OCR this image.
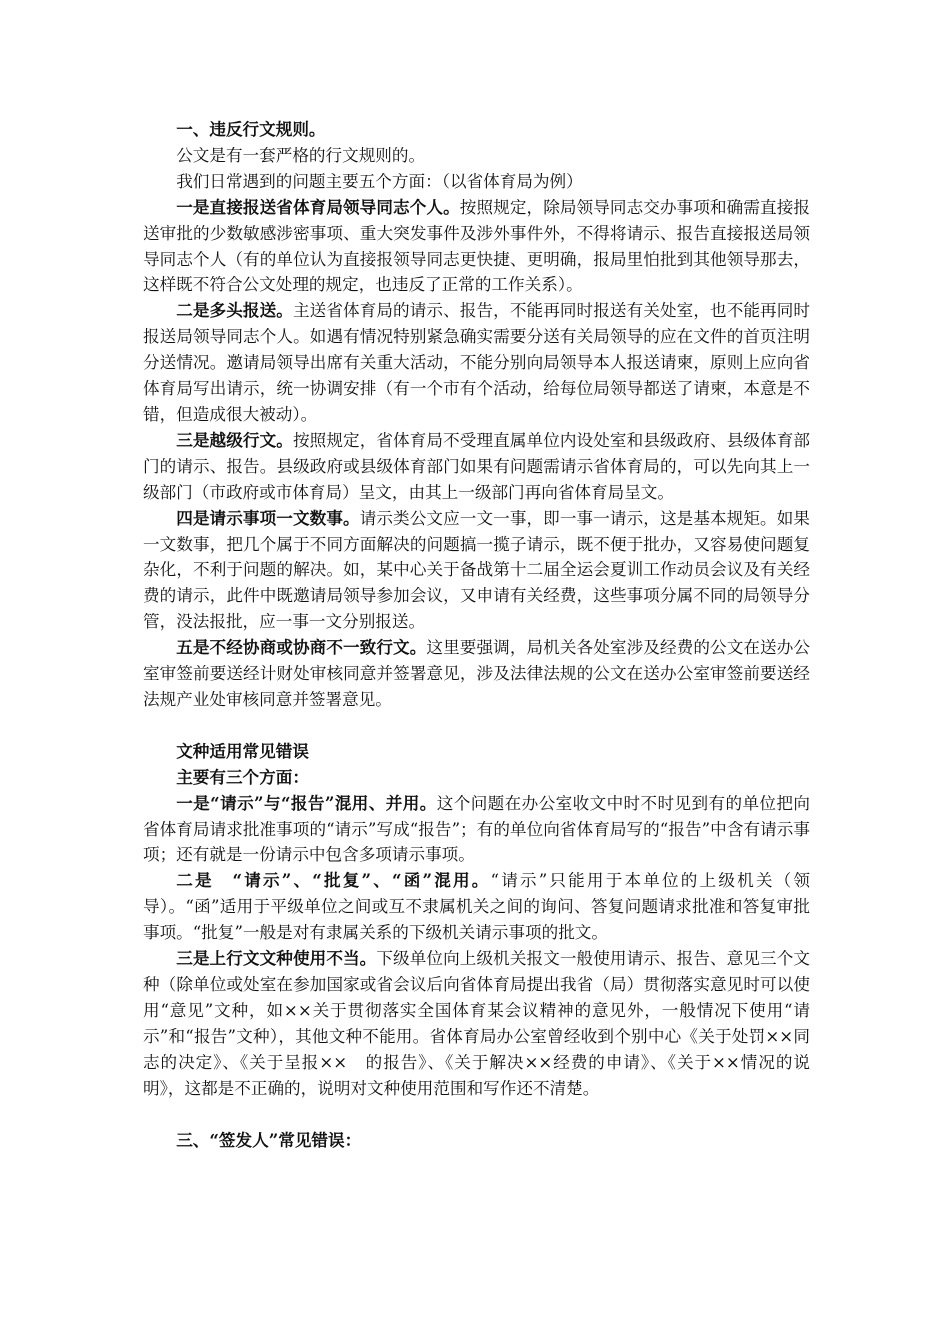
一、违反行文规则。

公文是有一套严格的行文规则的。

我们日常遇到的问题主要五个方面：（以省体育局为例）

一是直接报送省体育局领导同志个人。按照规定，除局领导同志交办事项和确需直接报送审批的少数敏感涉密事项、重大突发事件及涉外事件外，不得将请示、报告直接报送局领导同志个人（有的单位认为直接报领导同志更快捷、更明确，报局里怕批到其他领导那去，这样既不符合公文处理的规定，也违反了正常的工作关系）。

二是多头报送。主送省体育局的请示、报告，不能再同时报送有关处室，也不能再同时报送局领导同志个人。如遇有情况特别紧急确实需要分送有关局领导的应在文件的首页注明分送情况。邀请局领导出席有关重大活动，不能分别向局领导本人报送请柬，原则上应向省体育局写出请示，统一协调安排（有一个市有个活动，给每位局领导都送了请柬，本意是不错，但造成很大被动）。

三是越级行文。按照规定，省体育局不受理直属单位内设处室和县级政府、县级体育部门的请示、报告。县级政府或县级体育部门如果有问题需请示省体育局的，可以先向其上一级部门（市政府或市体育局）呈文，由其上一级部门再向省体育局呈文。

四是请示事项一文数事。请示类公文应一文一事，即一事一请示，这是基本规矩。如果一文数事，把几个属于不同方面解决的问题搞一揽子请示，既不便于批办，又容易使问题复杂化，不利于问题的解决。如，某中心关于备战第十二届全运会夏训工作动员会议及有关经费的请示，此件中既邀请局领导参加会议，又申请有关经费，这些事项分属不同的局领导分管，没法报批，应一事一文分别报送。

五是不经协商或协商不一致行文。这里要强调，局机关各处室涉及经费的公文在送办公室审签前要送经计财处审核同意并签署意见，涉及法律法规的公文在送办公室审签前要送经法规产业处审核同意并签署意见。

文种适用常见错误

主要有三个方面：

一是“请示”与“报告”混用、并用。这个问题在办公室收文中时不时见到有的单位把向省体育局请求批准事项的“请示”写成“报告”；有的单位向省体育局写的“报告”中含有请示事项；还有就是一份请示中包含多项请示事项。

二是　“请示”、“批复”、“函”混用。“请示”只能用于本单位的上级机关（领导）。“函”适用于平级单位之间或互不隶属机关之间的询问、答复问题请求批准和答复审批事项。“批复”一般是对有隶属关系的下级机关请示事项的批文。

三是上行文文种使用不当。下级单位向上级机关报文一般使用请示、报告、意见三个文种（除单位或处室在参加国家或省会议后向省体育局提出我省（局）贯彻落实意见时可以使用“意见”文种，如××关于贯彻落实全国体育某会议精神的意见外，一般情况下使用“请示”和“报告”文种），其他文种不能用。省体育局办公室曾经收到个别中心《关于处罚××同志的决定》、《关于呈报××　的报告》、《关于解决××经费的申请》、《关于××情况的说明》，这都是不正确的，说明对文种使用范围和写作还不清楚。

三、“签发人”常见错误：
